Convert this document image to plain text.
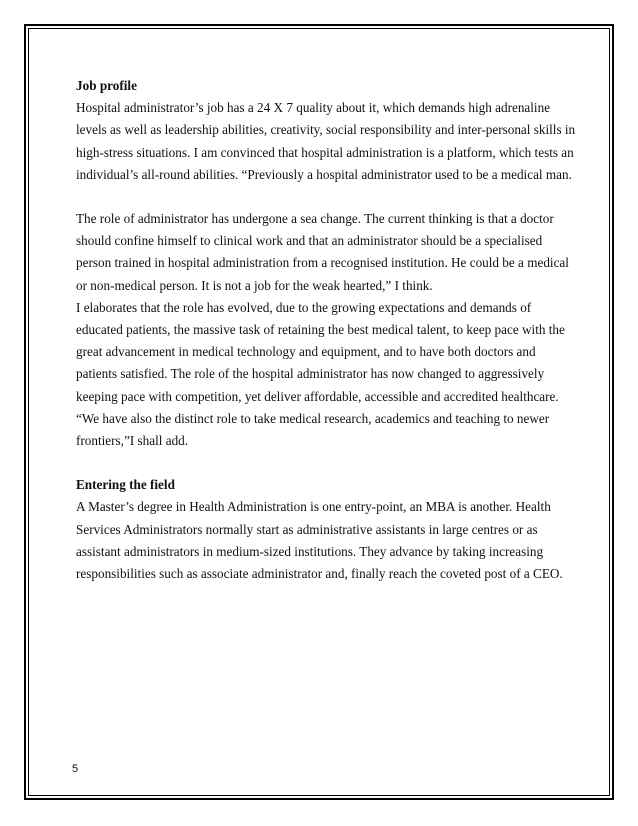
Job profile

Hospital administrator’s job has a 24 X 7 quality about it, which demands high adrenaline levels as well as leadership abilities, creativity, social responsibility and inter-personal skills in high-stress situations. I am convinced that hospital administration is a platform, which tests an individual’s all-round abilities. “Previously a hospital administrator used to be a medical man.

The role of administrator has undergone a sea change. The current thinking is that a doctor should confine himself to clinical work and that an administrator should be a specialised person trained in hospital administration from a recognised institution. He could be a medical or non-medical person. It is not a job for the weak hearted,” I think.

I elaborates that the role has evolved, due to the growing expectations and demands of educated patients, the massive task of retaining the best medical talent, to keep pace with the great advancement in medical technology and equipment, and to have both doctors and patients satisfied. The role of the hospital administrator has now changed to aggressively keeping pace with competition, yet deliver affordable, accessible and accredited healthcare. “We have also the distinct role to take medical research, academics and teaching to newer frontiers,”I shall add.

Entering the field

A Master’s degree in Health Administration is one entry-point, an MBA is another. Health Services Administrators normally start as administrative assistants in large centres or as assistant administrators in medium-sized institutions. They advance by taking increasing responsibilities such as associate administrator and, finally reach the coveted post of a CEO.

5
